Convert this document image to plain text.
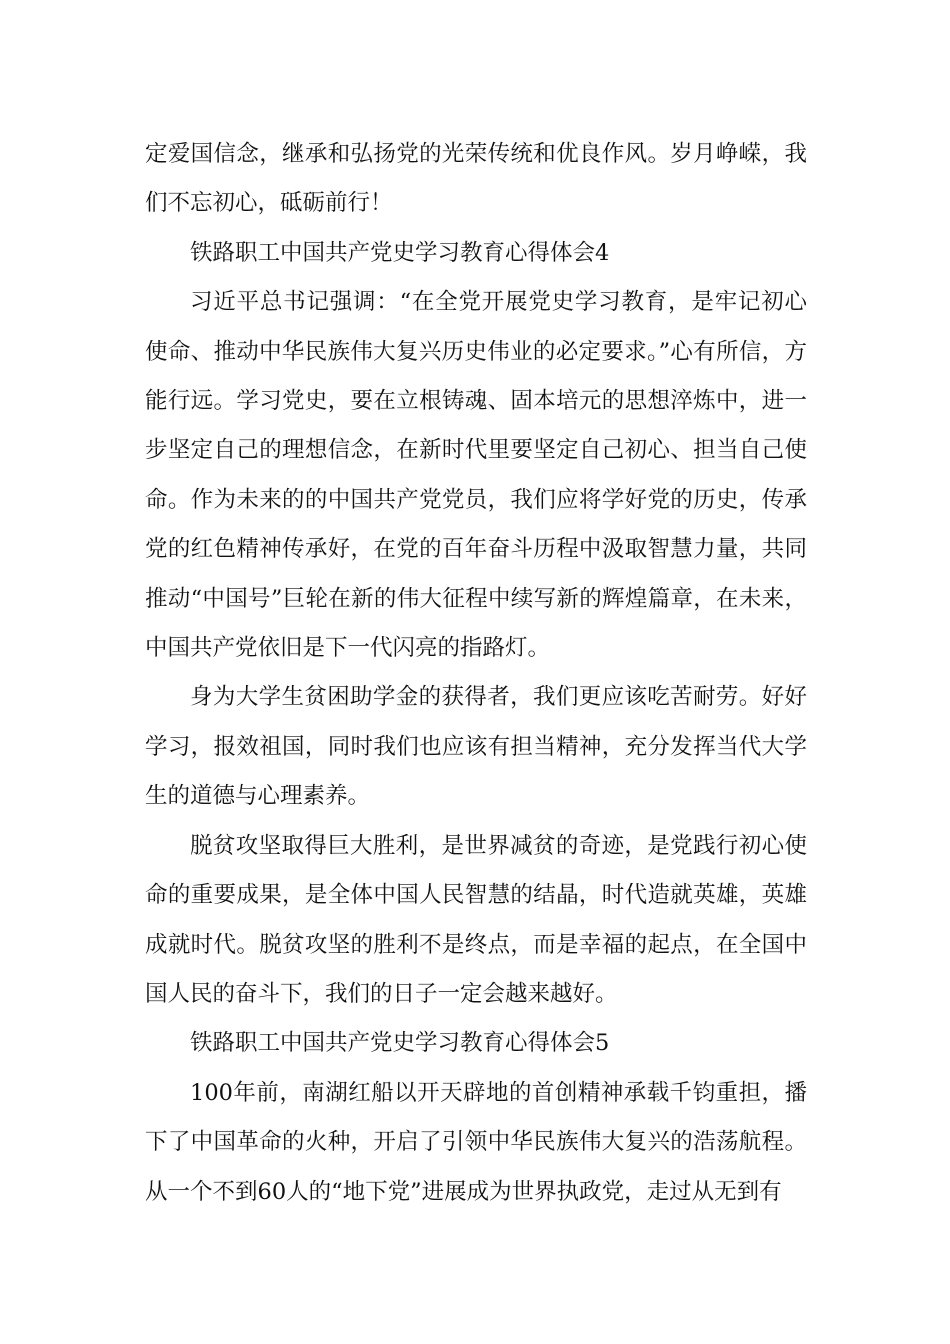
定爱国信念，继承和弘扬党的光荣传统和优良作风。岁月峥嵘，我们不忘初心，砥砺前行！

铁路职工中国共产党史学习教育心得体会4

习近平总书记强调：“在全党开展党史学习教育，是牢记初心使命、推动中华民族伟大复兴历史伟业的必定要求。”心有所信，方能行远。学习党史，要在立根铸魂、固本培元的思想淬炼中，进一步坚定自己的理想信念，在新时代里要坚定自己初心、担当自己使命。作为未来的的中国共产党党员，我们应将学好党的历史，传承党的红色精神传承好，在党的百年奋斗历程中汲取智慧力量，共同推动“中国号”巨轮在新的伟大征程中续写新的辉煌篇章，在未来，中国共产党依旧是下一代闪亮的指路灯。

身为大学生贫困助学金的获得者，我们更应该吃苦耐劳。好好学习，报效祖国，同时我们也应该有担当精神，充分发挥当代大学生的道德与心理素养。

脱贫攻坚取得巨大胜利，是世界减贫的奇迹，是党践行初心使命的重要成果，是全体中国人民智慧的结晶，时代造就英雄，英雄成就时代。脱贫攻坚的胜利不是终点，而是幸福的起点，在全国中国人民的奋斗下，我们的日子一定会越来越好。

铁路职工中国共产党史学习教育心得体会5

100年前，南湖红船以开天辟地的首创精神承载千钧重担，播下了中国革命的火种，开启了引领中华民族伟大复兴的浩荡航程。从一个不到60人的“地下党”进展成为世界执政党，走过从无到有
